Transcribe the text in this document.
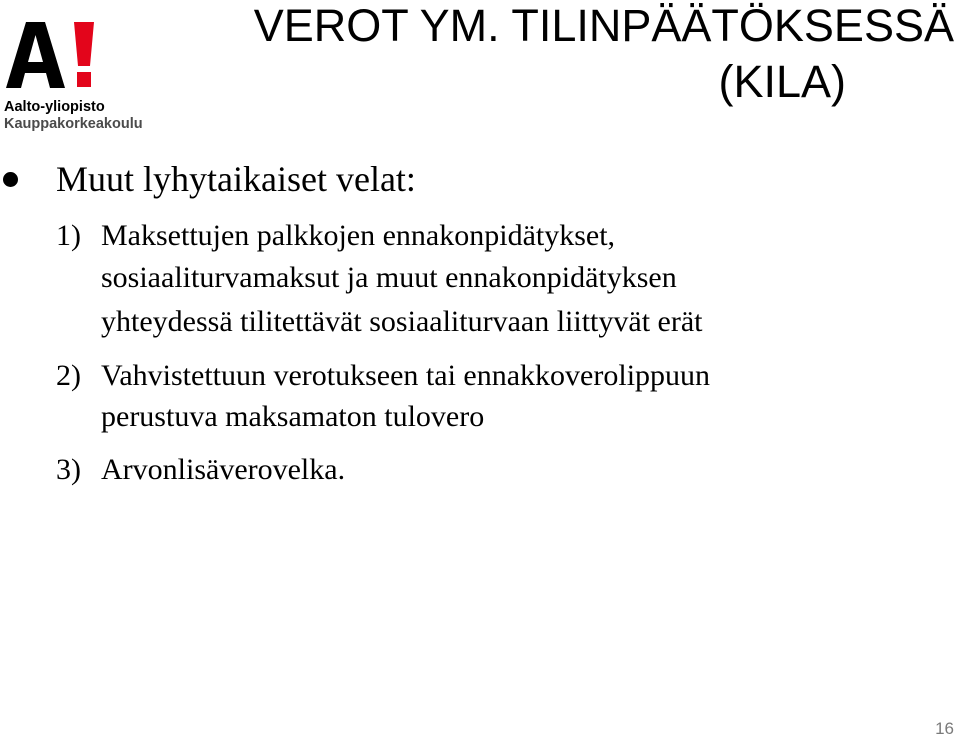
Aalto-yliopisto
Kauppakorkeakoulu
VEROT YM. TILINPÄÄTÖKSESSÄ
(KILA)
Muut lyhytaikaiset velat:
1) Maksettujen palkkojen ennakonpidätykset,
sosiaaliturvamaksut ja muut ennakonpidätyksen
yhteydessä tilitettävät sosiaaliturvaan liittyvät erät
2) Vahvistettuun verotukseen tai ennakkoverolippuun
perustuva maksamaton tulovero
3) Arvonlisäverovelka.
16
